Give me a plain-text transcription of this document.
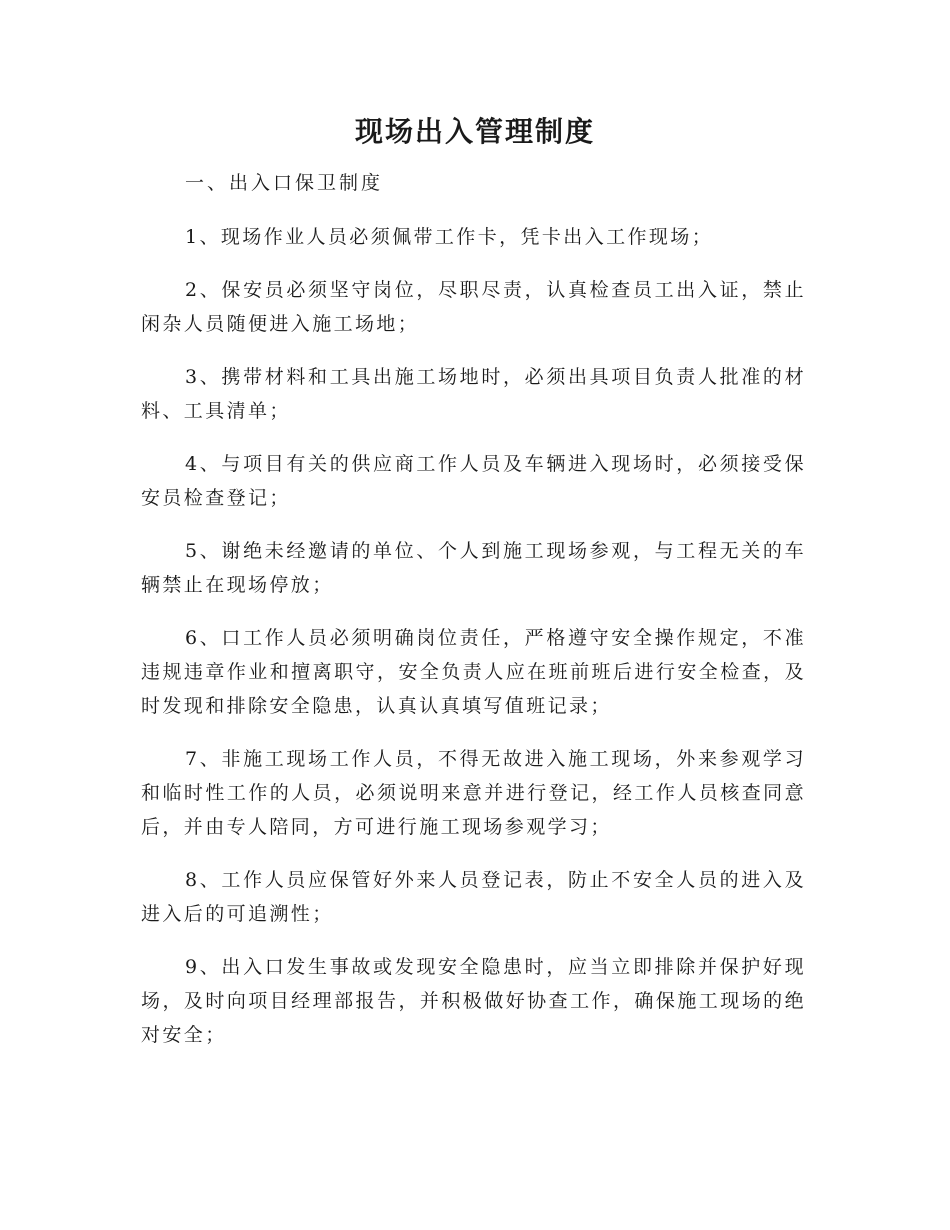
现场出入管理制度

一、出入口保卫制度

1、现场作业人员必须佩带工作卡，凭卡出入工作现场；

2、保安员必须坚守岗位，尽职尽责，认真检查员工出入证，禁止闲杂人员随便进入施工场地；

3、携带材料和工具出施工场地时，必须出具项目负责人批准的材料、工具清单；

4、与项目有关的供应商工作人员及车辆进入现场时，必须接受保安员检查登记；

5、谢绝未经邀请的单位、个人到施工现场参观，与工程无关的车辆禁止在现场停放；

6、口工作人员必须明确岗位责任，严格遵守安全操作规定，不准违规违章作业和擅离职守，安全负责人应在班前班后进行安全检查，及时发现和排除安全隐患，认真认真填写值班记录；

7、非施工现场工作人员，不得无故进入施工现场，外来参观学习和临时性工作的人员，必须说明来意并进行登记，经工作人员核查同意后，并由专人陪同，方可进行施工现场参观学习；

8、工作人员应保管好外来人员登记表，防止不安全人员的进入及进入后的可追溯性；

9、出入口发生事故或发现安全隐患时，应当立即排除并保护好现场，及时向项目经理部报告，并积极做好协查工作，确保施工现场的绝对安全；
